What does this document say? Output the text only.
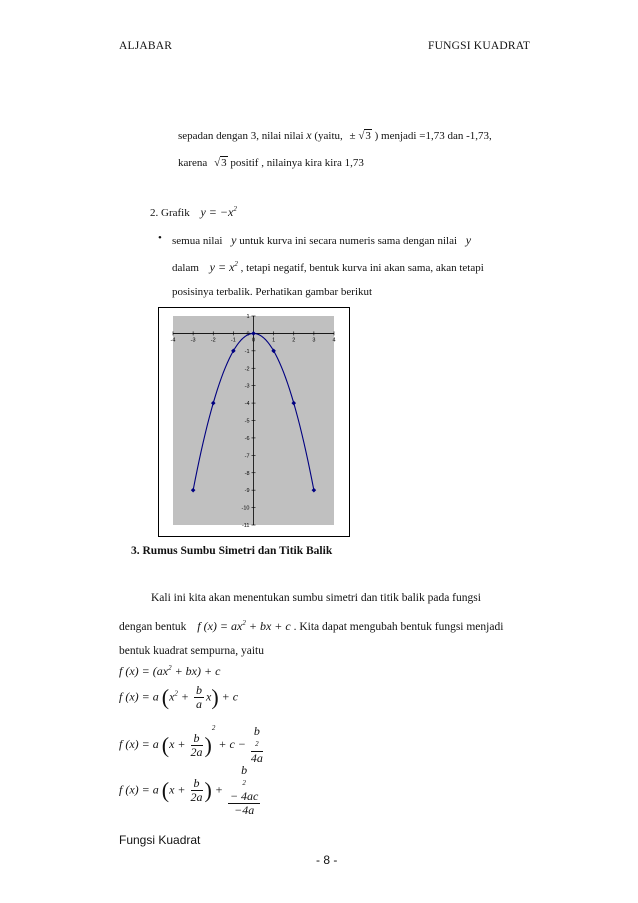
ALJABAR	FUNGSI KUADRAT
sepadan dengan 3, nilai nilai x (yaitu, ± √3 ) menjadi =1,73 dan -1,73,
karena √3 positif , nilainya kira kira 1,73
2. Grafik $y = -x^2$
• semua nilai y untuk kurva ini secara numeris sama dengan nilai y
dalam $y = x^2$ , tetapi negatif, bentuk kurva ini akan sama, akan tetapi
posisinya terbalik. Perhatikan gambar berikut
-4	-3	-2	-1	0	1	2	3	4
1
0
-1
-2
-3
-4
-5
-6
-7
-8
-9
-10
-11
3. Rumus Sumbu Simetri dan Titik Balik
Kali ini kita akan menentukan sumbu simetri dan titik balik pada fungsi
dengan bentuk f $(x) = ax^2$ + bx + c . Kita dapat mengubah bentuk fungsi menjadi
bentuk kuadrat sempurna, yaitu
f $(x) = (ax^2 + bx) + c$
f (x) = a $(x^2 + \frac{b}{a} x) + c$
f (x) = a $(x + \frac{b}{2a} )^2 + c - b$
2
4a
f (x) = a ($x + \frac{b}{2a}$ ) + b
2
− 4ac
−4a
Fungsi Kuadrat
- 8 -
